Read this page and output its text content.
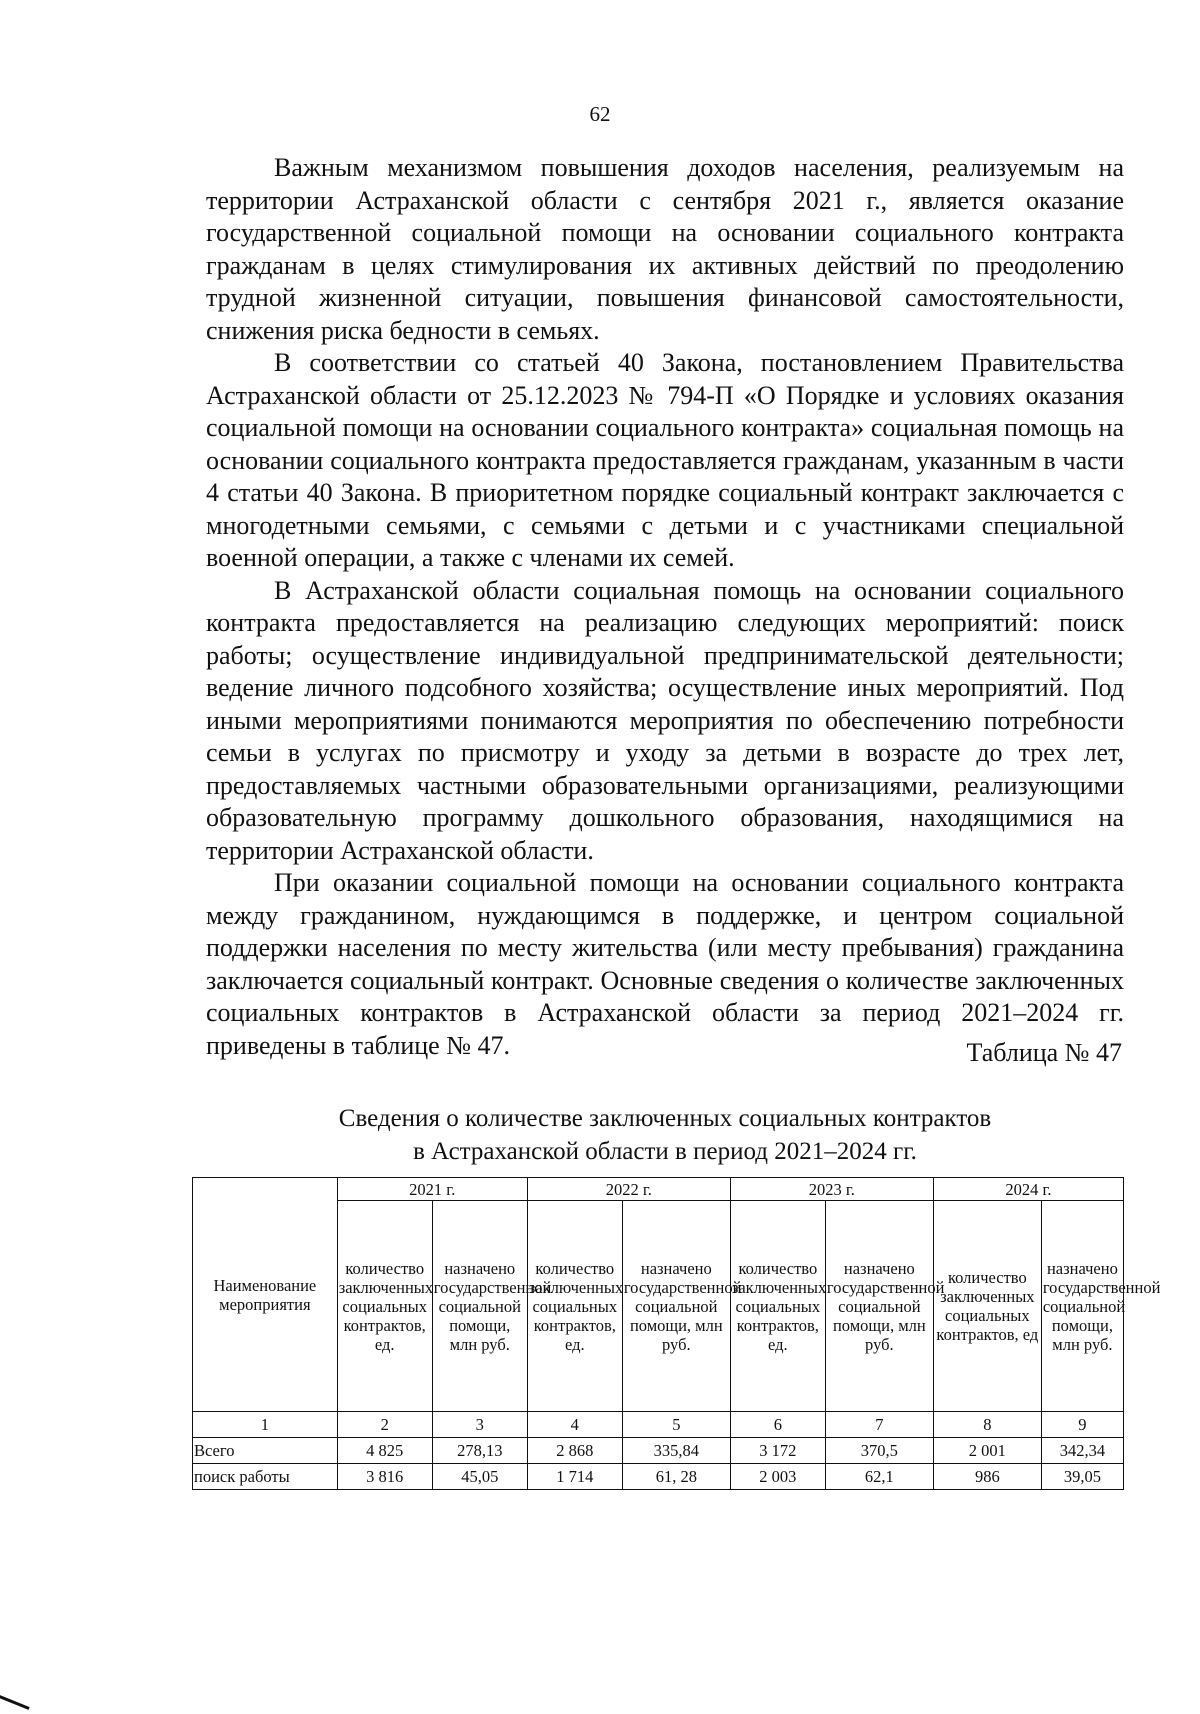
62

Важным механизмом повышения доходов населения, реализуемым на территории Астраханской области с сентября 2021 г., является оказание государственной социальной помощи на основании социального контракта гражданам в целях стимулирования их активных действий по преодолению трудной жизненной ситуации, повышения финансовой самостоятельности, снижения риска бедности в семьях.

В соответствии со статьей 40 Закона, постановлением Правительства Астраханской области от 25.12.2023 № 794-П «О Порядке и условиях оказания социальной помощи на основании социального контракта» социальная помощь на основании социального контракта предоставляется гражданам, указанным в части 4 статьи 40 Закона. В приоритетном порядке социальный контракт заключается с многодетными семьями, с семьями с детьми и с участниками специальной военной операции, а также с членами их семей.

В Астраханской области социальная помощь на основании социального контракта предоставляется на реализацию следующих мероприятий: поиск работы; осуществление индивидуальной предпринимательской деятельности; ведение личного подсобного хозяйства; осуществление иных мероприятий. Под иными мероприятиями понимаются мероприятия по обеспечению потребности семьи в услугах по присмотру и уходу за детьми в возрасте до трех лет, предоставляемых частными образовательными организациями, реализующими образовательную программу дошкольного образования, находящимися на территории Астраханской области.

При оказании социальной помощи на основании социального контракта между гражданином, нуждающимся в поддержке, и центром социальной поддержки населения по месту жительства (или месту пребывания) гражданина заключается социальный контракт. Основные сведения о количестве заключенных социальных контрактов в Астраханской области за период 2021–2024 гг. приведены в таблице № 47.	Таблица № 47
Сведения о количестве заключенных социальных контрактов
в Астраханской области в период 2021–2024 гг.
Наименование мероприятия	2021 г.		2022 г.		2023 г.		2024 г.	
	количество заключенных социальных контрактов, ед.	назначено государственной социальной помощи, млн руб.	количество заключенных социальных контрактов, ед.	назначено государственной социальной помощи, млн руб.	количество заключенных социальных контрактов, ед.	назначено государственной социальной помощи, млн руб.	количество заключенных социальных контрактов, ед	назначено государственной социальной помощи, млн руб.
1	2	3	4	5	6	7	8	9
Всего	4 825	278,13	2 868	335,84	3 172	370,5	2 001	342,34
поиск работы	3 816	45,05	1 714	61, 28	2 003	62,1	986	39,05
